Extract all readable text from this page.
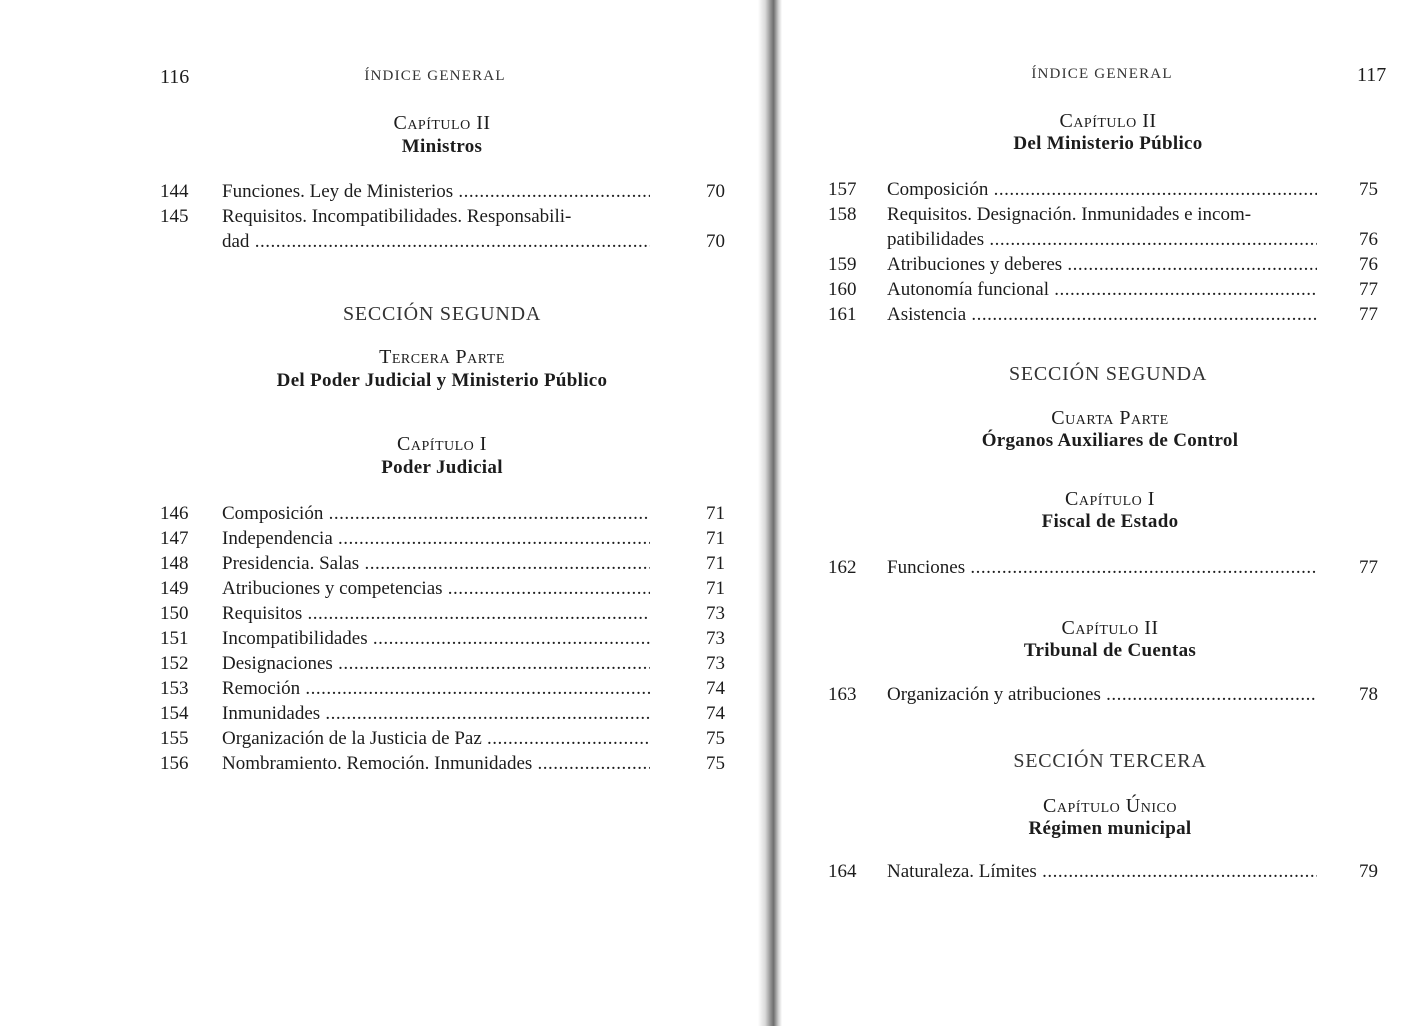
116	ÍNDICE GENERAL
Capítulo II
Ministros
144 Funciones. Ley de Ministerios .....	70
145 Requisitos. Incompatibilidades. Responsabili-
dad .....	70
SECCIÓN SEGUNDA
Tercera Parte
Del Poder Judicial y Ministerio Público
Capítulo I
Poder Judicial
146 Composición .....	71
147 Independencia .....	71
148 Presidencia. Salas .....	71
149 Atribuciones y competencias .....	71
150 Requisitos .....	73
151 Incompatibilidades .....	73
152 Designaciones .....	73
153 Remoción .....	74
154 Inmunidades .....	74
155 Organización de la Justicia de Paz .....	75
156 Nombramiento. Remoción. Inmunidades .....	75
ÍNDICE GENERAL	117
Capítulo II
Del Ministerio Público
157 Composición .....	75
158 Requisitos. Designación. Inmunidades e incom-
patibilidades .....	76
159 Atribuciones y deberes .....	76
160 Autonomía funcional .....	77
161 Asistencia .....	77
SECCIÓN SEGUNDA
Cuarta Parte
Órganos Auxiliares de Control
Capítulo I
Fiscal de Estado
162 Funciones .....	77
Capítulo II
Tribunal de Cuentas
163 Organización y atribuciones .....	78
SECCIÓN TERCERA
Capítulo Único
Régimen municipal
164 Naturaleza. Límites .....	79
